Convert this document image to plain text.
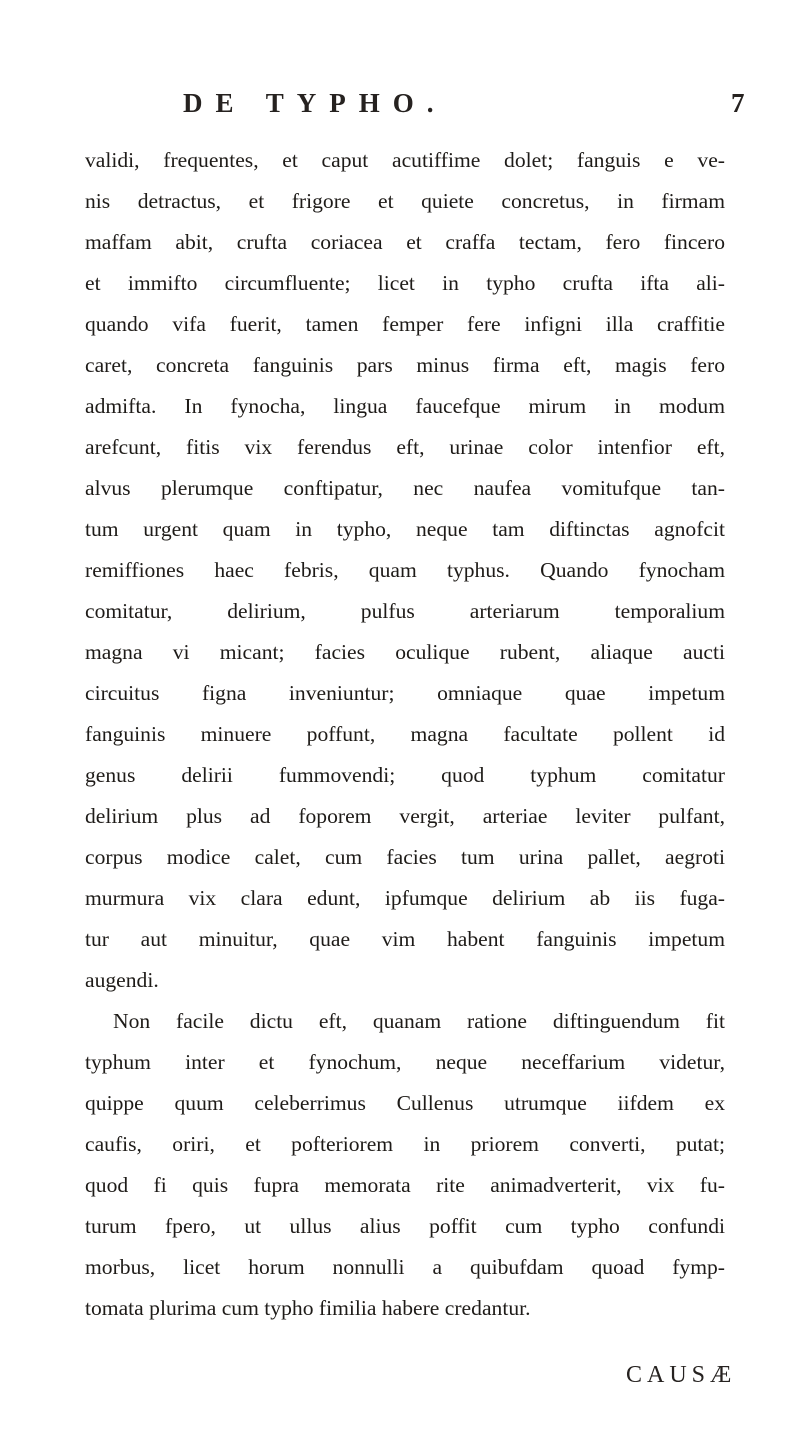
DE TYPHO.	7
validi, frequentes, et caput acutiffime dolet; fanguis e ve-
nis detractus, et frigore et quiete concretus, in firmam
maffam abit, crufta coriacea et craffa tectam, fero fincero
et immifto circumfluente; licet in typho crufta ifta ali-
quando vifa fuerit, tamen femper fere infigni illa craffitie
caret, concreta fanguinis pars minus firma eft, magis fero
admifta. In fynocha, lingua faucefque mirum in modum
arefcunt, fitis vix ferendus eft, urinae color intenfior eft,
alvus plerumque conftipatur, nec naufea vomitufque tan-
tum urgent quam in typho, neque tam diftinctas agnofcit
remiffiones haec febris, quam typhus. Quando fynocham
comitatur, delirium, pulfus arteriarum temporalium
magna vi micant; facies oculique rubent, aliaque aucti
circuitus figna inveniuntur; omniaque quae impetum
fanguinis minuere poffunt, magna facultate pollent id
genus delirii fummovendi; quod typhum comitatur
delirium plus ad foporem vergit, arteriae leviter pulfant,
corpus modice calet, cum facies tum urina pallet, aegroti
murmura vix clara edunt, ipfumque delirium ab iis fuga-
tur aut minuitur, quae vim habent fanguinis impetum
augendi.
Non facile dictu eft, quanam ratione diftinguendum fit
typhum inter et fynochum, neque neceffarium videtur,
quippe quum celeberrimus Cullenus utrumque iifdem ex
caufis, oriri, et pofteriorem in priorem converti, putat;
quod fi quis fupra memorata rite animadverterit, vix fu-
turum fpero, ut ullus alius poffit cum typho confundi
morbus, licet horum nonnulli a quibufdam quoad fymp-
tomata plurima cum typho fimilia habere credantur.
CAUSÆ
